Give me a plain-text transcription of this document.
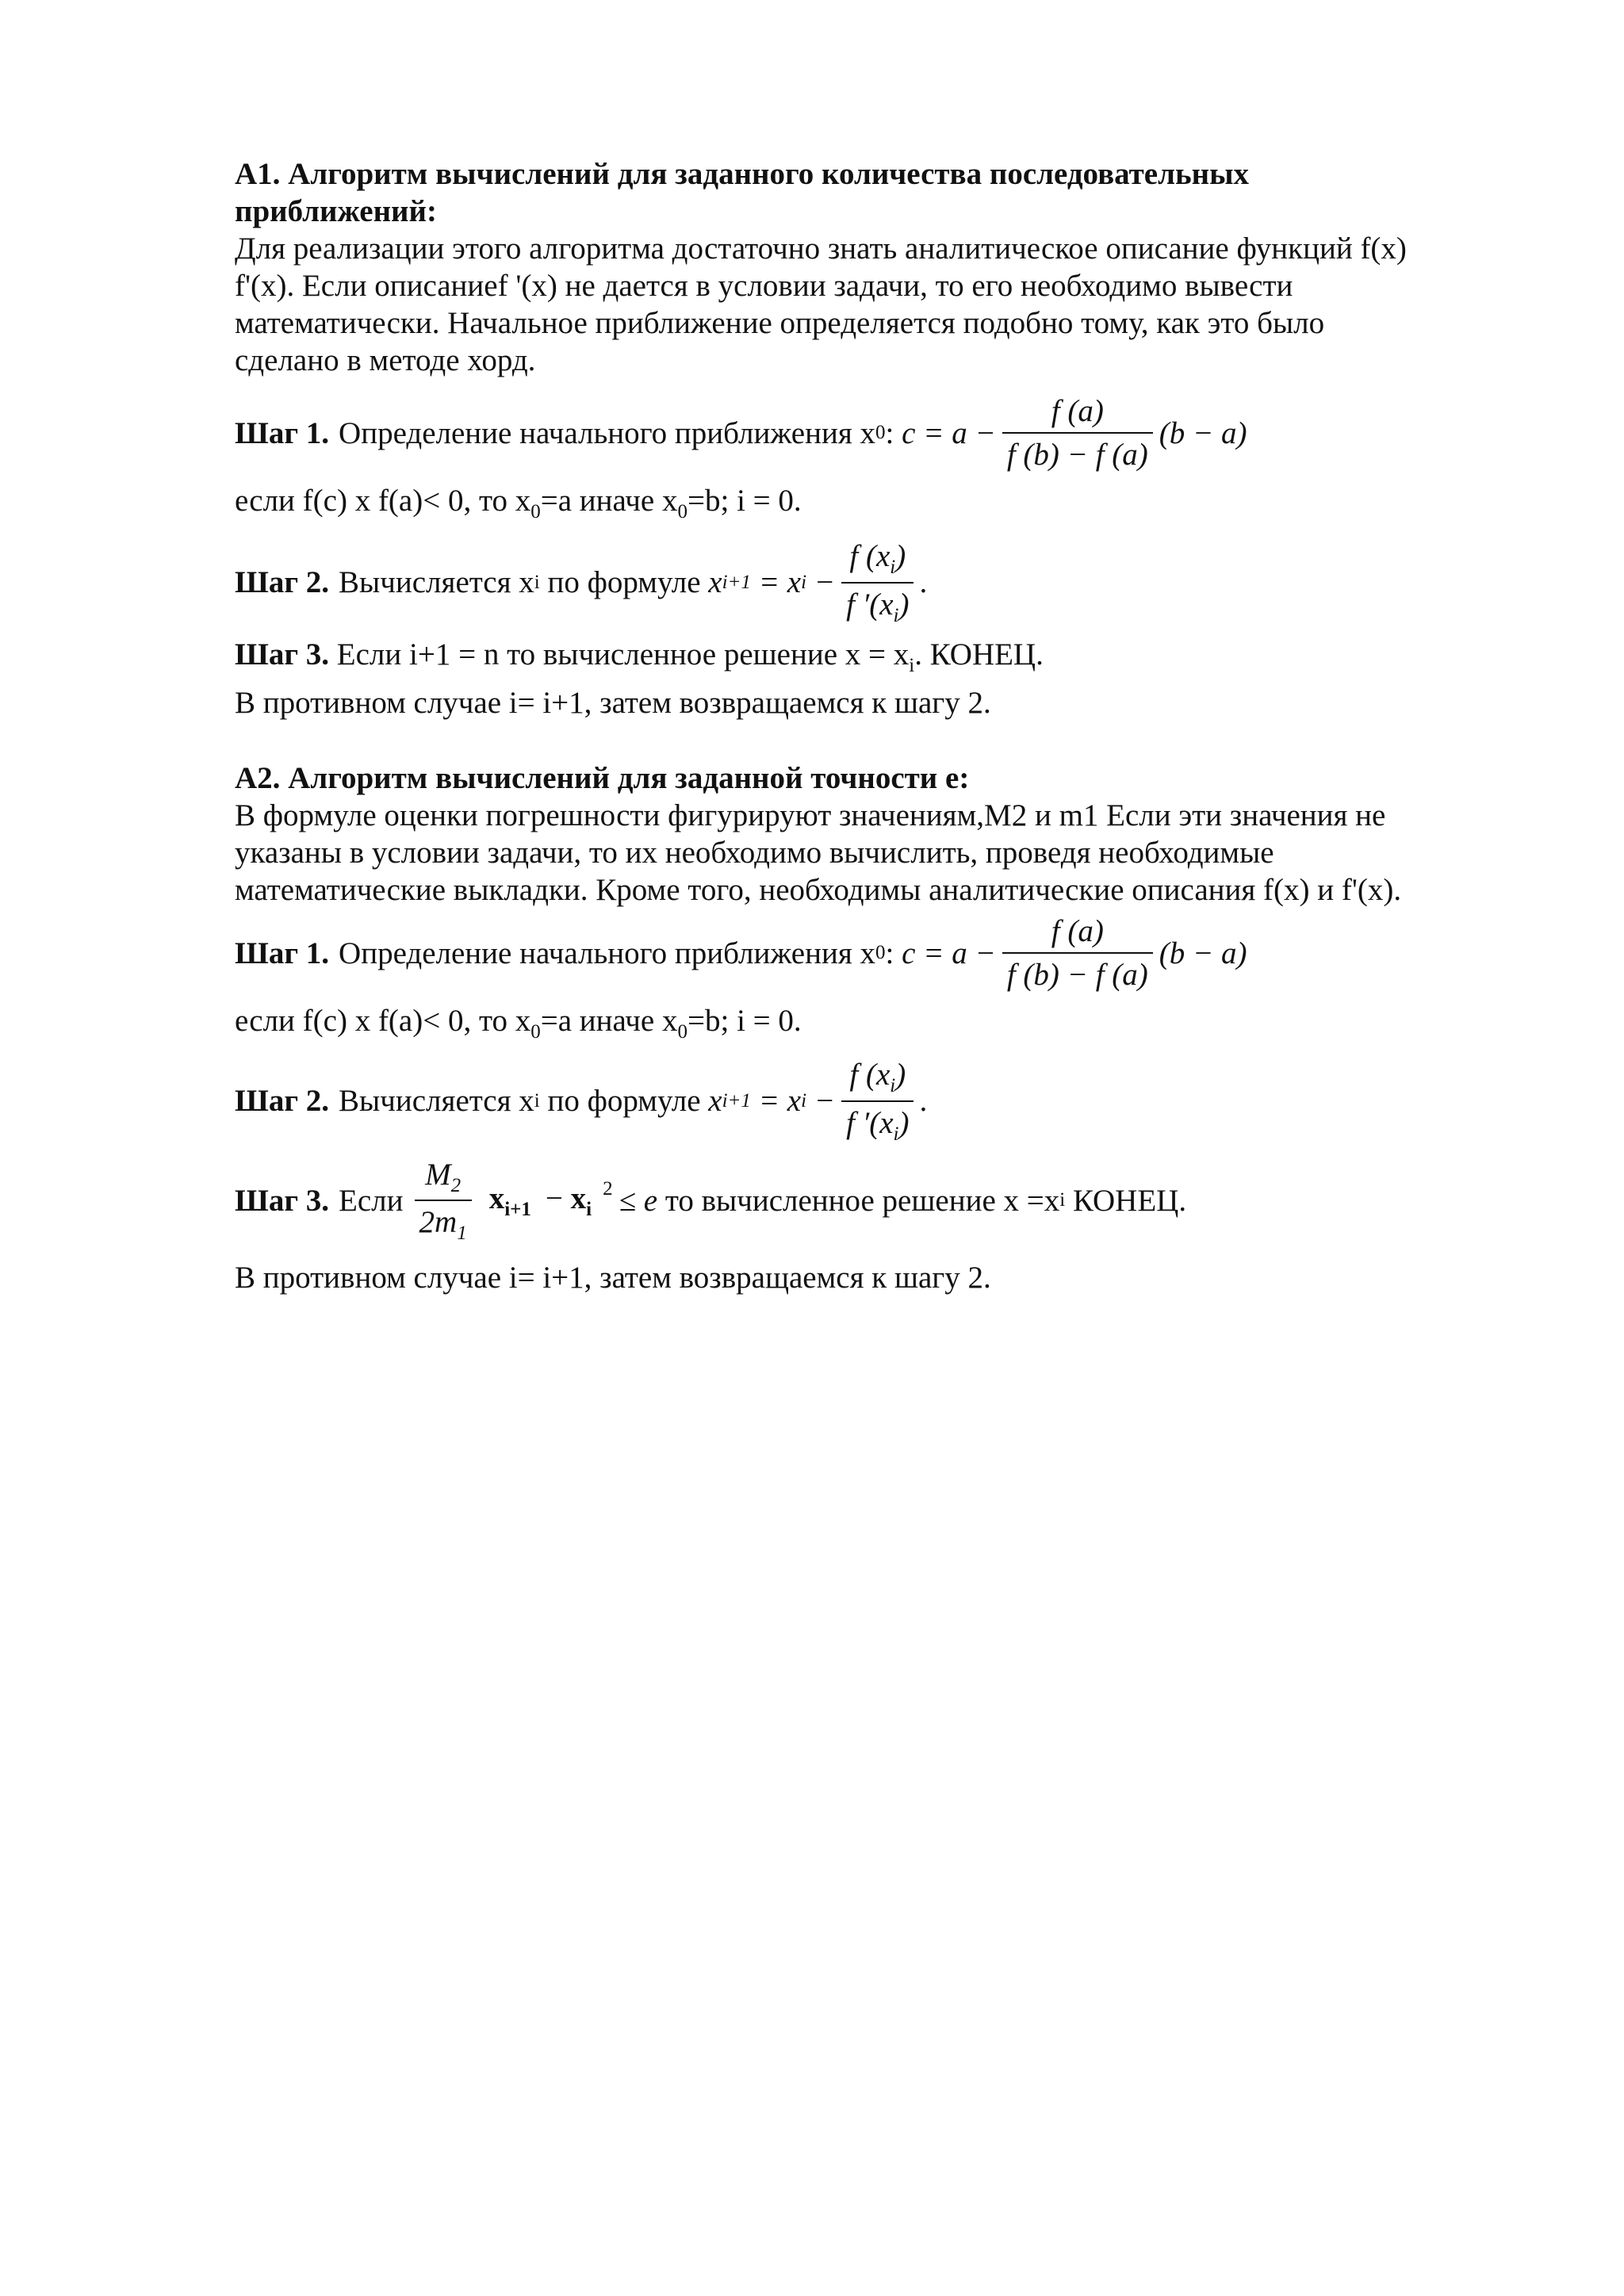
А1. Алгоритм вычислений для заданного количества последовательных
приближений:
Для реализации этого алгоритма достаточно знать аналитическое описание функций f(x)
f'(x). Если описаниеf '(x) не дается в условии задачи, то его необходимо вывести
математически. Начальное приближение определяется подобно тому, как это было
сделано в методе хорд.
Шаг 1. Определение начального приближения x 0 : $c = a - \frac{f (a)}{f (b) - f (a)} (b - a)$
если f(c) x f(a)< 0, то $x_0=a$ иначе $x_0=b$; i = 0.
Шаг 2. Вычисляется x i
по формуле x i+1 = x $i - \frac{f (x_i)}{f '(x_i)}$ .
Шаг 3. Если i+1 = n то вычисленное решение $x = x_i$. КОНЕЦ.
В противном случае i= i+1, затем возвращаемся к шагу 2.
А2. Алгоритм вычислений для заданной точности e:
В формуле оценки погрешности фигурируют значениям,M2 и m1 Если эти значения не
указаны в условии задачи, то их необходимо вычислить, проведя необходимые
математические выкладки. Кроме того, необходимы аналитические описания f(x) и f'(x).
Шаг 1. Определение начального приближения x 0 : $c = a - \frac{f (a)}{f (b) - f (a)} (b - a)$
если f(c) x f(a)< 0, то $x_0=a$ иначе $x_0=b$; i = 0.
Шаг 2. Вычисляется x i
по формуле x i+1 = x $i - \frac{f (x_i)}{f '(x_i)}$ .
Шаг 3. Если $\frac{M_2}{2m_1} x_{i+1} - x_i$
$^2$ ≤ e
то вычисленное решение x =x i
КОНЕЦ.
В противном случае i= i+1, затем возвращаемся к шагу 2.
